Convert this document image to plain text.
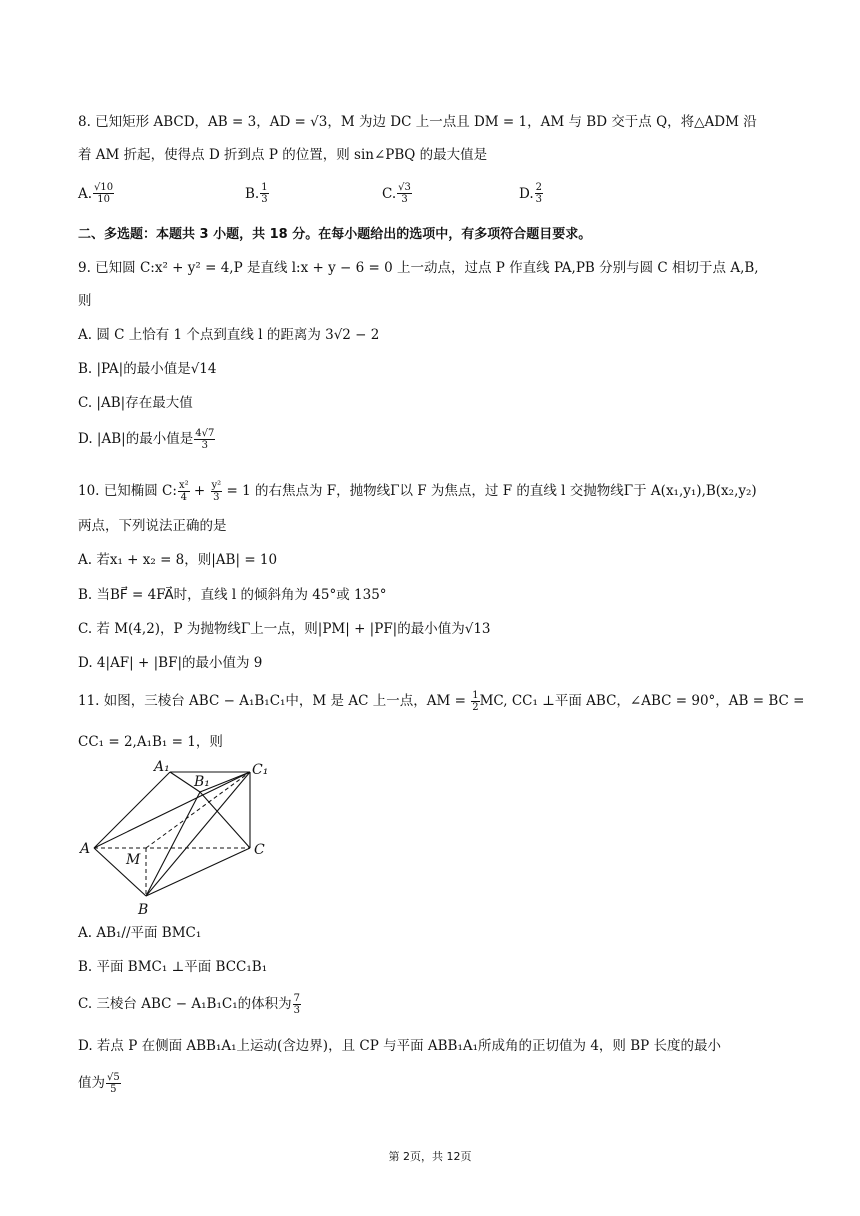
8. 已知矩形 ABCD，AB = 3，AD = √3，M 为边 DC 上一点且 DM = 1，AM 与 BD 交于点 Q，将△ADM 沿
着 AM 折起，使得点 D 折到点 P 的位置，则 sin∠PBQ 的最大值是
A. $\frac{√10}{10}$	B. $\frac{1}{3}$	C. $\frac{√3}{3}$	D. $\frac{2}{3}$
二、多选题：本题共 3 小题，共 18 分。在每小题给出的选项中，有多项符合题目要求。
9. 已知圆 C:x² + y² = 4,P 是直线 l:x + y − 6 = 0 上一动点，过点 P 作直线 PA,PB 分别与圆 C 相切于点 A,B,
则
A. 圆 C 上恰有 1 个点到直线 l 的距离为 3√2 − 2
B. |PA|的最小值是√14
C. |AB|存在最大值
D. |AB|的最小值是 $\frac{4√7}{3}$
10. 已知椭圆 C: $\frac{\text{x²}}{4} + \frac{\text{y²}}{3} = 1$ 的右焦点为 F，抛物线Γ以 F 为焦点，过 F 的直线 l 交抛物线Γ于 A(x₁,y₁),B(x₂,y₂)
两点，下列说法正确的是
A. 若x₁ + x₂ = 8，则|AB| = 10
B. 当BF⃗ = 4FA⃗时，直线 l 的倾斜角为 45°或 135°
C. 若 M(4,2)，P 为抛物线Γ上一点，则|PM| + |PF|的最小值为√13
D. 4|AF| + |BF|的最小值为 9
11. 如图，三棱台 ABC − A₁B₁C₁中，M 是 AC 上一点，AM = $\frac{1}{2}$ MC, CC₁ ⊥平面 ABC，∠ABC = 90°，AB = BC =
CC₁ = 2,A₁B₁ = 1，则
A₁
B₁
C₁
A
M
C
B
A. AB₁//平面 BMC₁
B. 平面 BMC₁ ⊥平面 BCC₁B₁
C. 三棱台 ABC − A₁B₁C₁的体积为 $\frac{7}{3}$
D. 若点 P 在侧面 ABB₁A₁上运动(含边界)，且 CP 与平面 ABB₁A₁所成角的正切值为 4，则 BP 长度的最小
值为 $\frac{√5}{5}$
第 2页，共 12页
